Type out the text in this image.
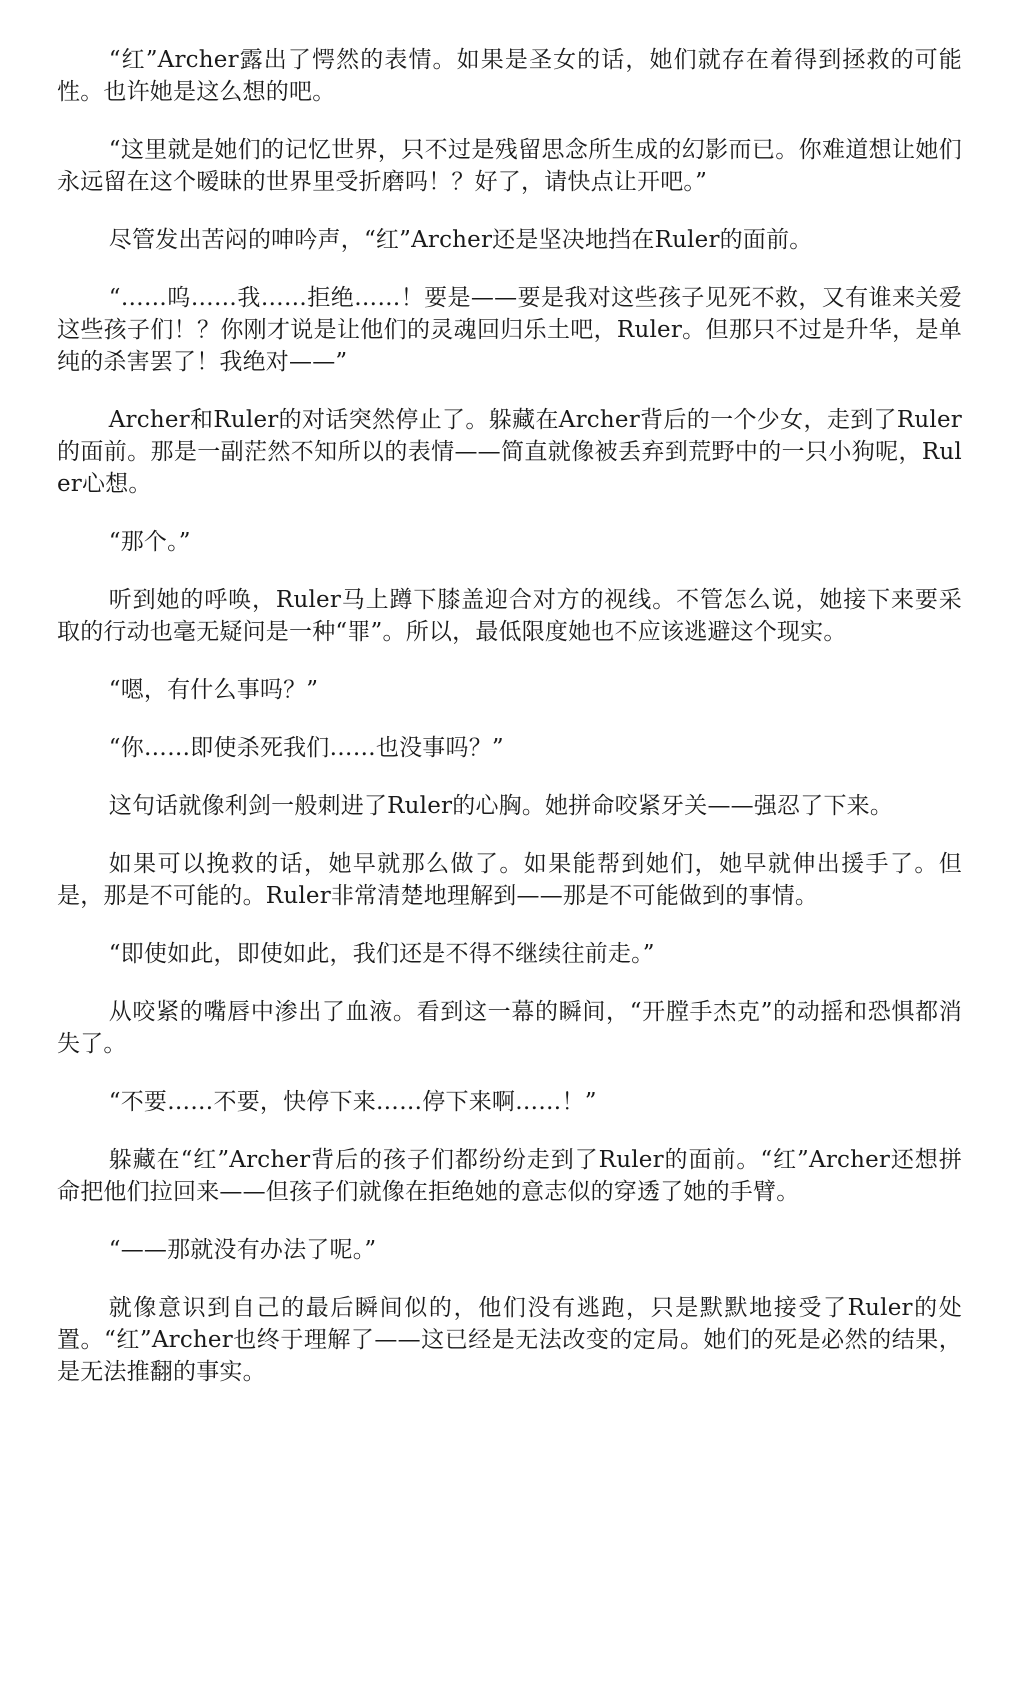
“红”Archer露出了愕然的表情。如果是圣女的话，她们就存在着得到拯救的可能性。也许她是这么想的吧。

“这里就是她们的记忆世界，只不过是残留思念所生成的幻影而已。你难道想让她们永远留在这个暧昧的世界里受折磨吗！？好了，请快点让开吧。”

尽管发出苦闷的呻吟声，“红”Archer还是坚决地挡在Ruler的面前。

“……呜……我……拒绝……！要是——要是我对这些孩子见死不救，又有谁来关爱这些孩子们！？你刚才说是让他们的灵魂回归乐土吧，Ruler。但那只不过是升华，是单纯的杀害罢了！我绝对——”

Archer和Ruler的对话突然停止了。躲藏在Archer背后的一个少女，走到了Ruler的面前。那是一副茫然不知所以的表情——简直就像被丢弃到荒野中的一只小狗呢，Ruler心想。

“那个。”

听到她的呼唤，Ruler马上蹲下膝盖迎合对方的视线。不管怎么说，她接下来要采取的行动也毫无疑问是一种“罪”。所以，最低限度她也不应该逃避这个现实。

“嗯，有什么事吗？”

“你……即使杀死我们……也没事吗？”

这句话就像利剑一般刺进了Ruler的心胸。她拼命咬紧牙关——强忍了下来。

如果可以挽救的话，她早就那么做了。如果能帮到她们，她早就伸出援手了。但是，那是不可能的。Ruler非常清楚地理解到——那是不可能做到的事情。

“即使如此，即使如此，我们还是不得不继续往前走。”

从咬紧的嘴唇中渗出了血液。看到这一幕的瞬间，“开膛手杰克”的动摇和恐惧都消失了。

“不要……不要，快停下来……停下来啊……！”

躲藏在“红”Archer背后的孩子们都纷纷走到了Ruler的面前。“红”Archer还想拼命把他们拉回来——但孩子们就像在拒绝她的意志似的穿透了她的手臂。

“——那就没有办法了呢。”

就像意识到自己的最后瞬间似的，他们没有逃跑，只是默默地接受了Ruler的处置。“红”Archer也终于理解了——这已经是无法改变的定局。她们的死是必然的结果，是无法推翻的事实。
